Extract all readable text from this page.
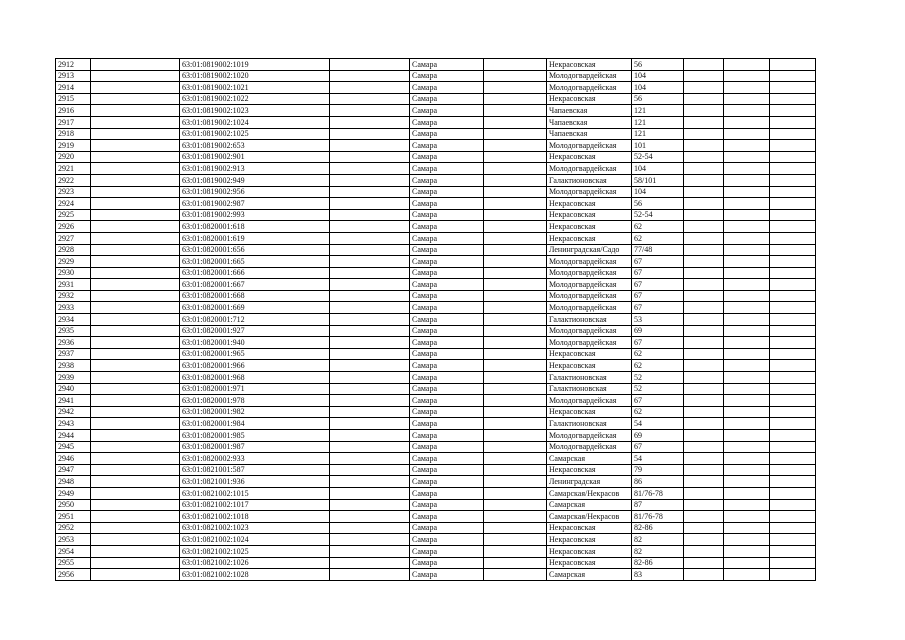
2912		63:01:0819002:1019		Самара		Некрасовская	56			
2913		63:01:0819002:1020		Самара		Молодогвардейская	104			
2914		63:01:0819002:1021		Самара		Молодогвардейская	104			
2915		63:01:0819002:1022		Самара		Некрасовская	56			
2916		63:01:0819002:1023		Самара		Чапаевская	121			
2917		63:01:0819002:1024		Самара		Чапаевская	121			
2918		63:01:0819002:1025		Самара		Чапаевская	121			
2919		63:01:0819002:653		Самара		Молодогвардейская	101			
2920		63:01:0819002:901		Самара		Некрасовская	52-54			
2921		63:01:0819002:913		Самара		Молодогвардейская	104			
2922		63:01:0819002:949		Самара		Галактионовская	58/101			
2923		63:01:0819002:956		Самара		Молодогвардейская	104			
2924		63:01:0819002:987		Самара		Некрасовская	56			
2925		63:01:0819002:993		Самара		Некрасовская	52-54			
2926		63:01:0820001:618		Самара		Некрасовская	62			
2927		63:01:0820001:619		Самара		Некрасовская	62			
2928		63:01:0820001:656		Самара		Ленинградская/Садо	77/48			
2929		63:01:0820001:665		Самара		Молодогвардейская	67			
2930		63:01:0820001:666		Самара		Молодогвардейская	67			
2931		63:01:0820001:667		Самара		Молодогвардейская	67			
2932		63:01:0820001:668		Самара		Молодогвардейская	67			
2933		63:01:0820001:669		Самара		Молодогвардейская	67			
2934		63:01:0820001:712		Самара		Галактионовская	53			
2935		63:01:0820001:927		Самара		Молодогвардейская	69			
2936		63:01:0820001:940		Самара		Молодогвардейская	67			
2937		63:01:0820001:965		Самара		Некрасовская	62			
2938		63:01:0820001:966		Самара		Некрасовская	62			
2939		63:01:0820001:968		Самара		Галактионовская	52			
2940		63:01:0820001:971		Самара		Галактионовская	52			
2941		63:01:0820001:978		Самара		Молодогвардейская	67			
2942		63:01:0820001:982		Самара		Некрасовская	62			
2943		63:01:0820001:984		Самара		Галактионовская	54			
2944		63:01:0820001:985		Самара		Молодогвардейская	69			
2945		63:01:0820001:987		Самара		Молодогвардейская	67			
2946		63:01:0820002:933		Самара		Самарская	54			
2947		63:01:0821001:587		Самара		Некрасовская	79			
2948		63:01:0821001:936		Самара		Ленинградская	86			
2949		63:01:0821002:1015		Самара		Самарская/Некрасов	81/76-78			
2950		63:01:0821002:1017		Самара		Самарская	87			
2951		63:01:0821002:1018		Самара		Самарская/Некрасов	81/76-78			
2952		63:01:0821002:1023		Самара		Некрасовская	82-86			
2953		63:01:0821002:1024		Самара		Некрасовская	82			
2954		63:01:0821002:1025		Самара		Некрасовская	82			
2955		63:01:0821002:1026		Самара		Некрасовская	82-86			
2956		63:01:0821002:1028		Самара		Самарская	83			
